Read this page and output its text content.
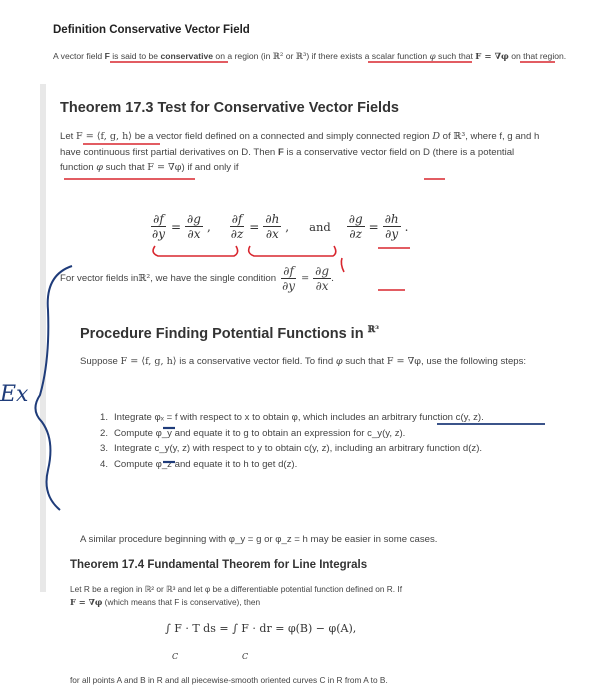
Definition Conservative Vector Field
A vector field F is said to be conservative on a region (in ℝ² or ℝ³) if there exists a scalar function φ such that F = ∇φ on that region.
Theorem 17.3 Test for Conservative Vector Fields
Let F = ⟨f, g, h⟩ be a vector field defined on a connected and simply connected region D of ℝ³, where f, g and h have continuous first partial derivatives on D. Then F is a conservative vector field on D (there is a potential function φ such that F = ∇φ) if and only if
$\frac{\partial f}{\partial y} = \frac{\partial g}{\partial x}$ , $\frac{\partial f}{\partial z} = \frac{\partial h}{\partial x}$ , and $\frac{\partial g}{\partial z} = \frac{\partial h}{\partial y}$ .
For vector fields in ℝ² , we have the single condition $\frac{\partial f}{\partial y} = \frac{\partial g}{\partial x}$ .
Procedure Finding Potential Functions in $^{ℝ^3}$
Suppose F = ⟨f, g, h⟩ is a conservative vector field. To find φ such that F = ∇φ, use the following steps:
1. Integrate φₓ = f with respect to x to obtain φ, which includes an arbitrary function c(y, z).
2. Compute φ_y and equate it to g to obtain an expression for c_y(y, z).
3. Integrate c_y(y, z) with respect to y to obtain c(y, z), including an arbitrary function d(z).
4. Compute φ_z and equate it to h to get d(z).
A similar procedure beginning with φ_y = g or φ_z = h may be easier in some cases.
Theorem 17.4 Fundamental Theorem for Line Integrals
Let R be a region in ℝ² or ℝ³ and let φ be a differentiable potential function defined on R. If
F = ∇φ (which means that F is conservative), then
∫ F · T ds = ∫ F · dr = φ(B) − φ(A),
C	C
for all points A and B in R and all piecewise-smooth oriented curves C in R from A to B.
Ex
